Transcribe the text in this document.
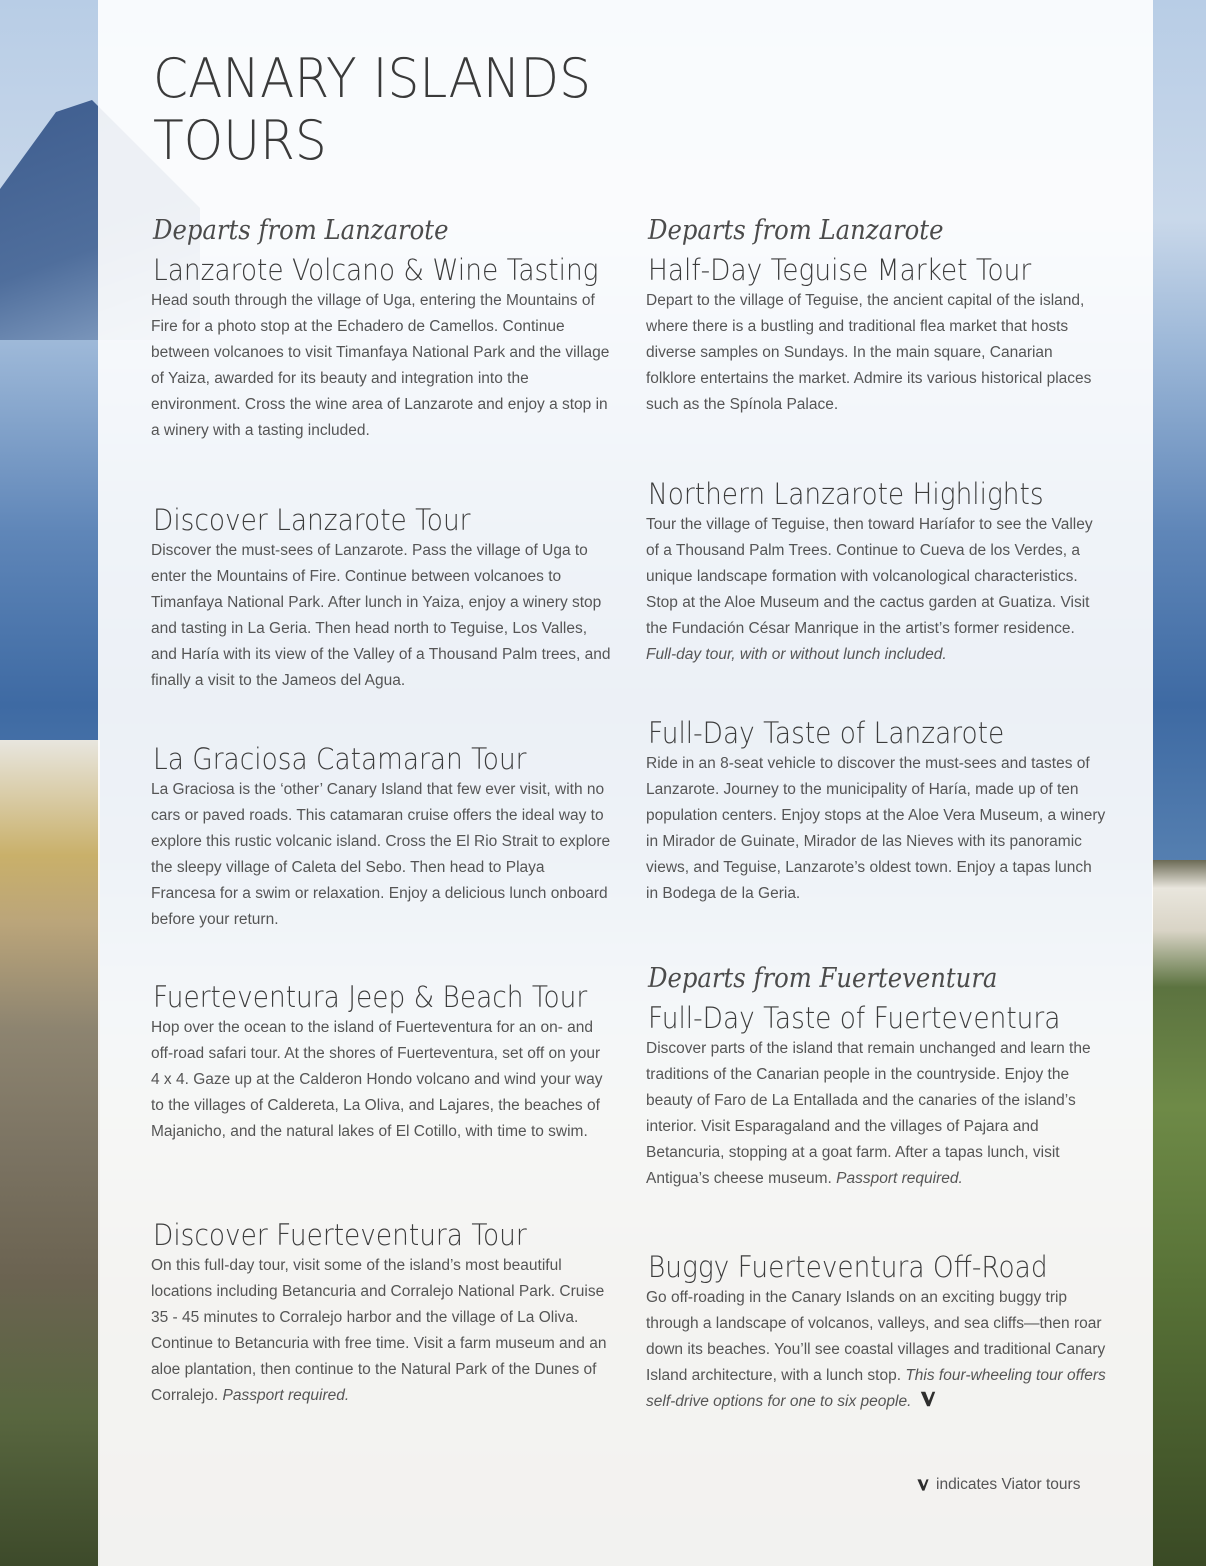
CANARY ISLANDS
TOURS

Departs from Lanzarote

Lanzarote Volcano & Wine Tasting

Head south through the village of Uga, entering the Mountains of Fire for a photo stop at the Echadero de Camellos. Continue between volcanoes to visit Timanfaya National Park and the village of Yaiza, awarded for its beauty and integration into the environment. Cross the wine area of Lanzarote and enjoy a stop in a winery with a tasting included.

Discover Lanzarote Tour

Discover the must-sees of Lanzarote. Pass the village of Uga to enter the Mountains of Fire. Continue between volcanoes to Timanfaya National Park. After lunch in Yaiza, enjoy a winery stop and tasting in La Geria. Then head north to Teguise, Los Valles, and Haría with its view of the Valley of a Thousand Palm trees, and finally a visit to the Jameos del Agua.

La Graciosa Catamaran Tour

La Graciosa is the ‘other’ Canary Island that few ever visit, with no cars or paved roads. This catamaran cruise offers the ideal way to explore this rustic volcanic island. Cross the El Rio Strait to explore the sleepy village of Caleta del Sebo. Then head to Playa Francesa for a swim or relaxation. Enjoy a delicious lunch onboard before your return.

Fuerteventura Jeep & Beach Tour

Hop over the ocean to the island of Fuerteventura for an on- and off-road safari tour. At the shores of Fuerteventura, set off on your 4 x 4. Gaze up at the Calderon Hondo volcano and wind your way to the villages of Caldereta, La Oliva, and Lajares, the beaches of Majanicho, and the natural lakes of El Cotillo, with time to swim.

Discover Fuerteventura Tour

On this full-day tour, visit some of the island’s most beautiful locations including Betancuria and Corralejo National Park. Cruise 35 - 45 minutes to Corralejo harbor and the village of La Oliva. Continue to Betancuria with free time. Visit a farm museum and an aloe plantation, then continue to the Natural Park of the Dunes of Corralejo. Passport required.

Departs from Lanzarote

Half-Day Teguise Market Tour

Depart to the village of Teguise, the ancient capital of the island, where there is a bustling and traditional flea market that hosts diverse samples on Sundays. In the main square, Canarian folklore entertains the market. Admire its various historical places such as the Spínola Palace.

Northern Lanzarote Highlights

Tour the village of Teguise, then toward Haríafor to see the Valley of a Thousand Palm Trees. Continue to Cueva de los Verdes, a unique landscape formation with volcanological characteristics. Stop at the Aloe Museum and the cactus garden at Guatiza. Visit the Fundación César Manrique in the artist’s former residence. Full-day tour, with or without lunch included.

Full-Day Taste of Lanzarote

Ride in an 8-seat vehicle to discover the must-sees and tastes of Lanzarote. Journey to the municipality of Haría, made up of ten population centers. Enjoy stops at the Aloe Vera Museum, a winery in Mirador de Guinate, Mirador de las Nieves with its panoramic views, and Teguise, Lanzarote’s oldest town. Enjoy a tapas lunch in Bodega de la Geria.

Departs from Fuerteventura

Full-Day Taste of Fuerteventura

Discover parts of the island that remain unchanged and learn the traditions of the Canarian people in the countryside. Enjoy the beauty of Faro de La Entallada and the canaries of the island’s interior. Visit Esparagaland and the villages of Pajara and Betancuria, stopping at a goat farm. After a tapas lunch, visit Antigua’s cheese museum. Passport required.

Buggy Fuerteventura Off-Road

Go off-roading in the Canary Islands on an exciting buggy trip through a landscape of volcanos, valleys, and sea cliffs—then roar down its beaches. You’ll see coastal villages and traditional Canary Island architecture, with a lunch stop. This four-wheeling tour offers self-drive options for one to six people.

indicates Viator tours
